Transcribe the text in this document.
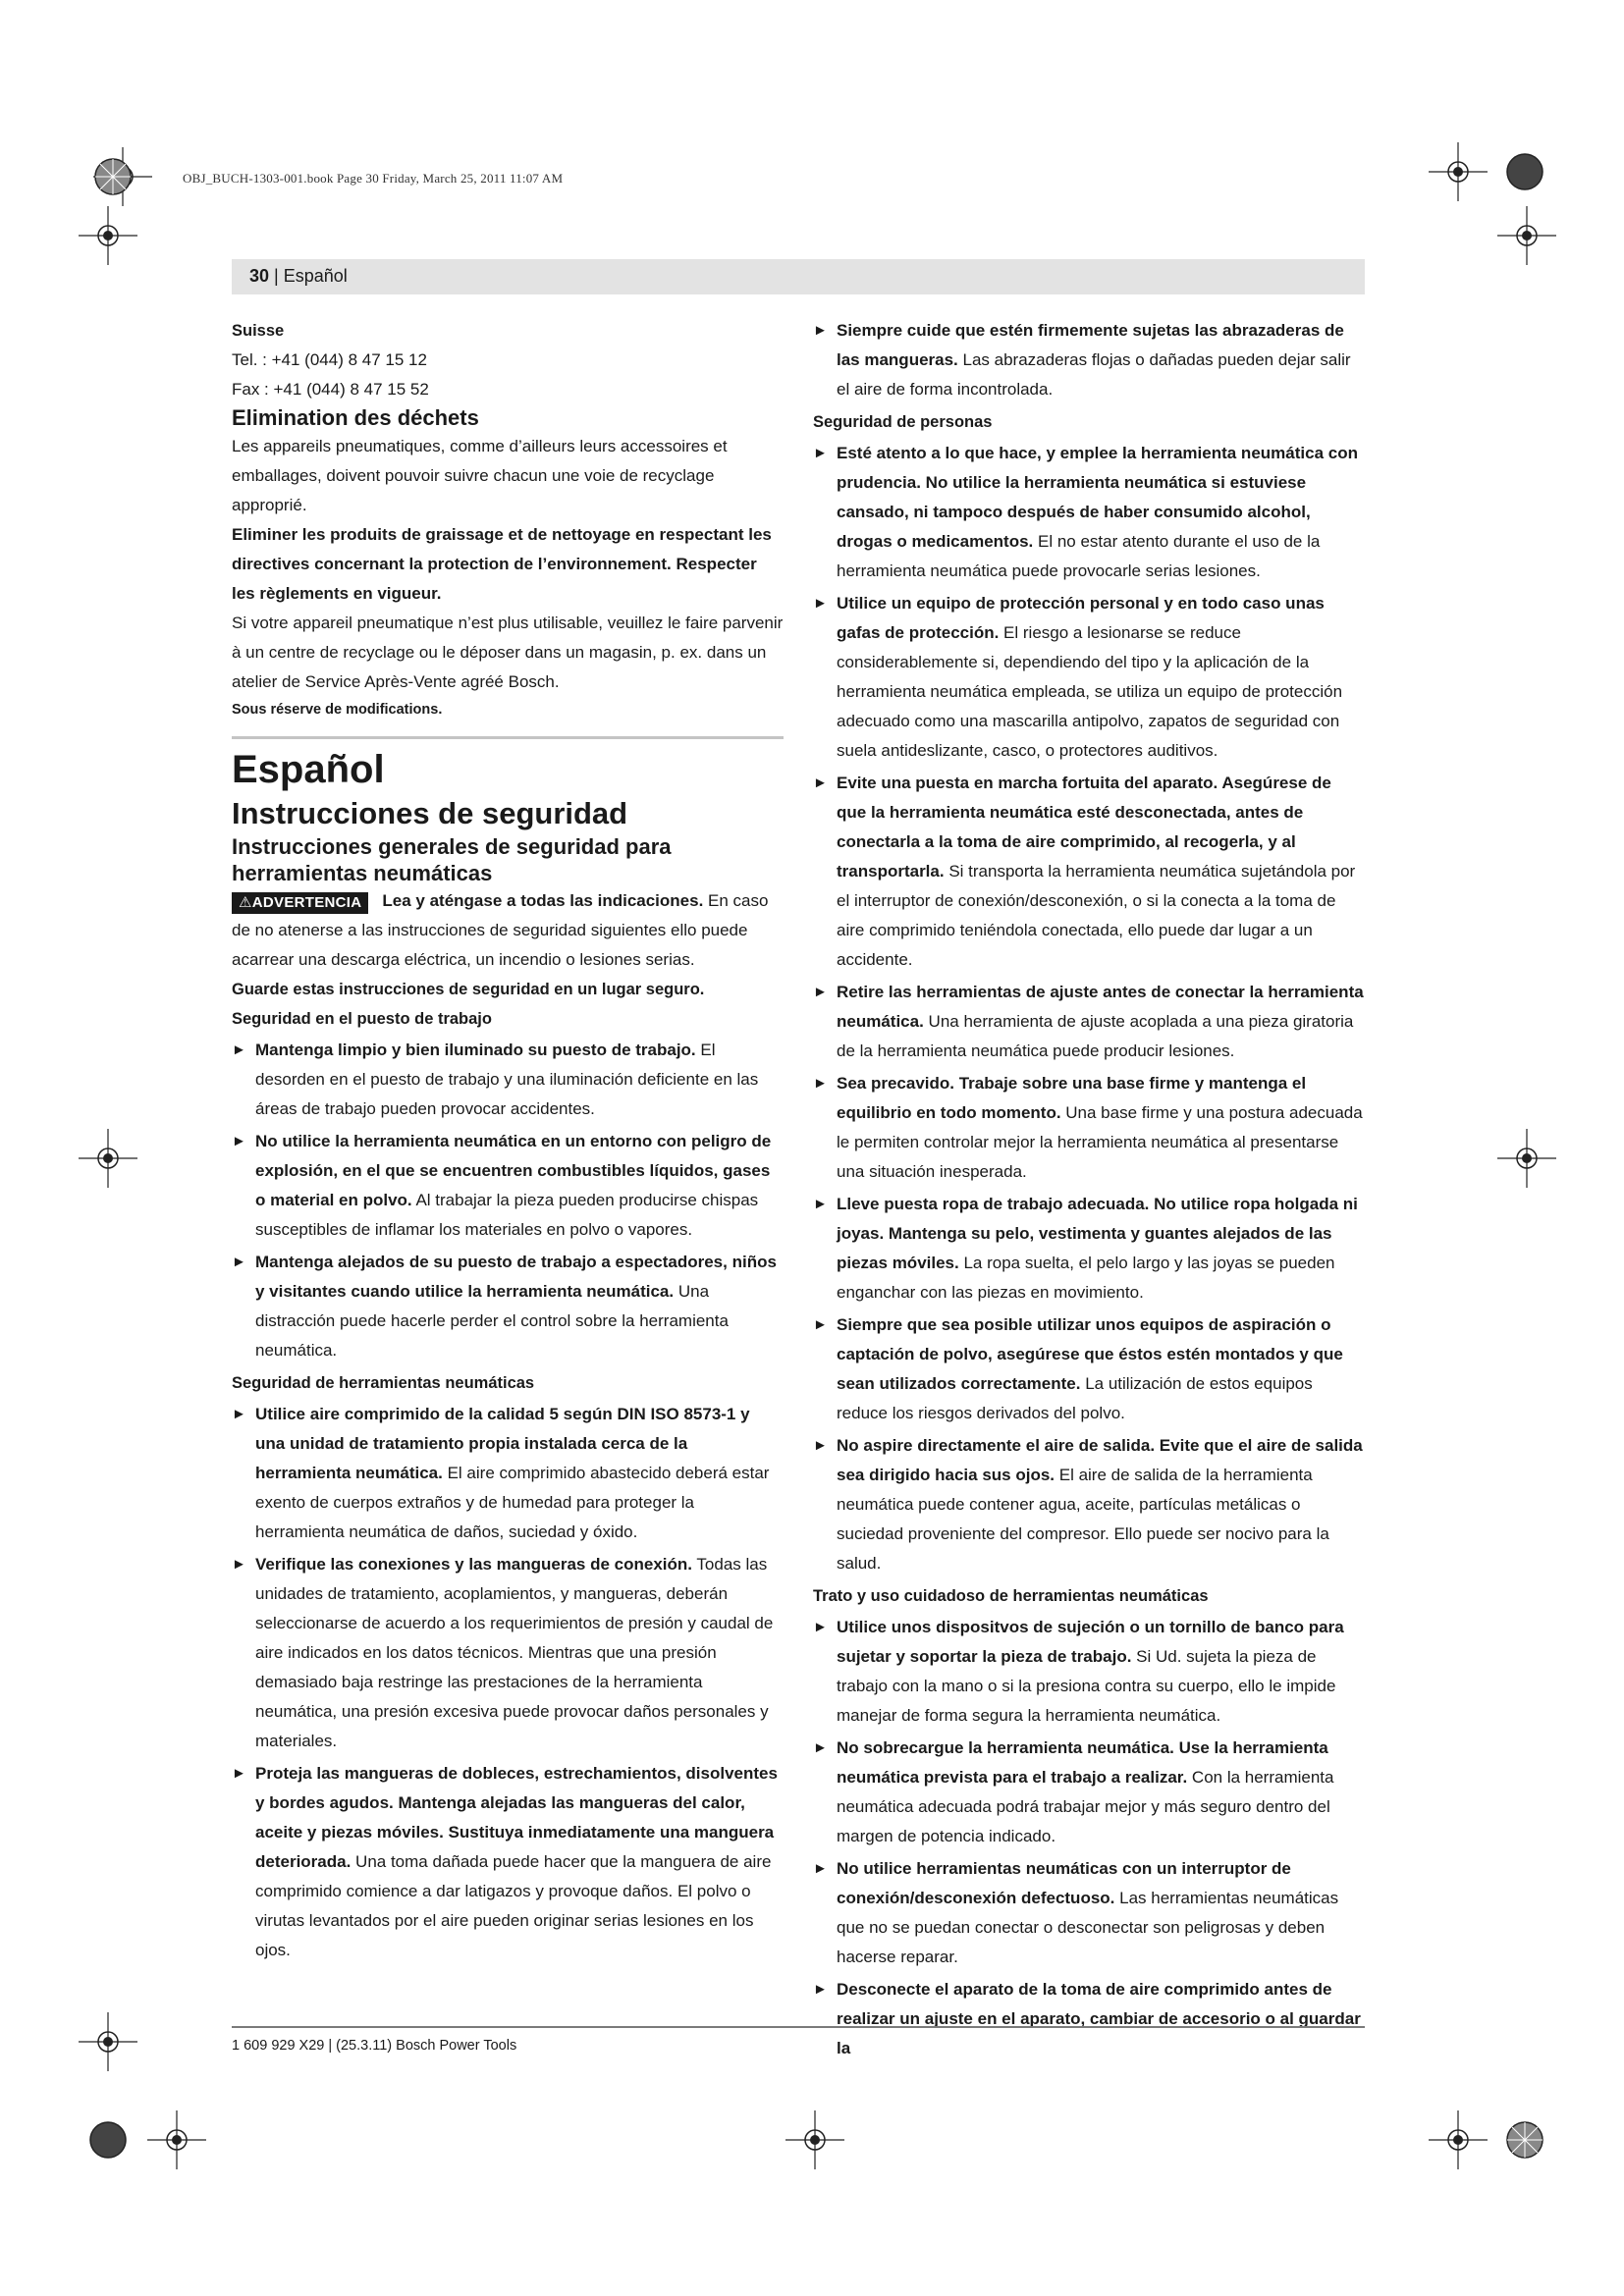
OBJ_BUCH-1303-001.book Page 30 Friday, March 25, 2011 11:07 AM
30 | Español

Suisse

Tel. : +41 (044) 8 47 15 12

Fax : +41 (044) 8 47 15 52

Elimination des déchets

Les appareils pneumatiques, comme d’ailleurs leurs accessoires et emballages, doivent pouvoir suivre chacun une voie de recyclage approprié.

Eliminer les produits de graissage et de nettoyage en respectant les directives concernant la protection de l’environnement. Respecter les règlements en vigueur.

Si votre appareil pneumatique n’est plus utilisable, veuillez le faire parvenir à un centre de recyclage ou le déposer dans un magasin, p. ex. dans un atelier de Service Après-Vente agréé Bosch.

Sous réserve de modifications.

Español

Instrucciones de seguridad

Instrucciones generales de seguridad para herramientas neumáticas

⚠ADVERTENCIA	Lea y aténgase a todas las indicaciones. En caso de no atenerse a las instrucciones de seguridad siguientes ello puede acarrear una descarga eléctrica, un incendio o lesiones serias.

Guarde estas instrucciones de seguridad en un lugar seguro.

Seguridad en el puesto de trabajo

► Mantenga limpio y bien iluminado su puesto de trabajo. El desorden en el puesto de trabajo y una iluminación deficiente en las áreas de trabajo pueden provocar accidentes.
► No utilice la herramienta neumática en un entorno con peligro de explosión, en el que se encuentren combustibles líquidos, gases o material en polvo. Al trabajar la pieza pueden producirse chispas susceptibles de inflamar los materiales en polvo o vapores.
► Mantenga alejados de su puesto de trabajo a espectadores, niños y visitantes cuando utilice la herramienta neumática. Una distracción puede hacerle perder el control sobre la herramienta neumática.

Seguridad de herramientas neumáticas

► Utilice aire comprimido de la calidad 5 según DIN ISO 8573-1 y una unidad de tratamiento propia instalada cerca de la herramienta neumática. El aire comprimido abastecido deberá estar exento de cuerpos extraños y de humedad para proteger la herramienta neumática de daños, suciedad y óxido.
► Verifique las conexiones y las mangueras de conexión. Todas las unidades de tratamiento, acoplamientos, y mangueras, deberán seleccionarse de acuerdo a los requerimientos de presión y caudal de aire indicados en los datos técnicos. Mientras que una presión demasiado baja restringe las prestaciones de la herramienta neumática, una presión excesiva puede provocar daños personales y materiales.
► Proteja las mangueras de dobleces, estrechamientos, disolventes y bordes agudos. Mantenga alejadas las mangueras del calor, aceite y piezas móviles. Sustituya inmediatamente una manguera deteriorada. Una toma dañada puede hacer que la manguera de aire comprimido comience a dar latigazos y provoque daños. El polvo o virutas levantados por el aire pueden originar serias lesiones en los ojos.
► Siempre cuide que estén firmemente sujetas las abrazaderas de las mangueras. Las abrazaderas flojas o dañadas pueden dejar salir el aire de forma incontrolada.

Seguridad de personas

► Esté atento a lo que hace, y emplee la herramienta neumática con prudencia. No utilice la herramienta neumática si estuviese cansado, ni tampoco después de haber consumido alcohol, drogas o medicamentos. El no estar atento durante el uso de la herramienta neumática puede provocarle serias lesiones.
► Utilice un equipo de protección personal y en todo caso unas gafas de protección. El riesgo a lesionarse se reduce considerablemente si, dependiendo del tipo y la aplicación de la herramienta neumática empleada, se utiliza un equipo de protección adecuado como una mascarilla antipolvo, zapatos de seguridad con suela antideslizante, casco, o protectores auditivos.
► Evite una puesta en marcha fortuita del aparato. Asegúrese de que la herramienta neumática esté desconectada, antes de conectarla a la toma de aire comprimido, al recogerla, y al transportarla. Si transporta la herramienta neumática sujetándola por el interruptor de conexión/desconexión, o si la conecta a la toma de aire comprimido teniéndola conectada, ello puede dar lugar a un accidente.
► Retire las herramientas de ajuste antes de conectar la herramienta neumática. Una herramienta de ajuste acoplada a una pieza giratoria de la herramienta neumática puede producir lesiones.
► Sea precavido. Trabaje sobre una base firme y mantenga el equilibrio en todo momento. Una base firme y una postura adecuada le permiten controlar mejor la herramienta neumática al presentarse una situación inesperada.
► Lleve puesta ropa de trabajo adecuada. No utilice ropa holgada ni joyas. Mantenga su pelo, vestimenta y guantes alejados de las piezas móviles. La ropa suelta, el pelo largo y las joyas se pueden enganchar con las piezas en movimiento.
► Siempre que sea posible utilizar unos equipos de aspiración o captación de polvo, asegúrese que éstos estén montados y que sean utilizados correctamente. La utilización de estos equipos reduce los riesgos derivados del polvo.
► No aspire directamente el aire de salida. Evite que el aire de salida sea dirigido hacia sus ojos. El aire de salida de la herramienta neumática puede contener agua, aceite, partículas metálicas o suciedad proveniente del compresor. Ello puede ser nocivo para la salud.

Trato y uso cuidadoso de herramientas neumáticas

► Utilice unos dispositvos de sujeción o un tornillo de banco para sujetar y soportar la pieza de trabajo. Si Ud. sujeta la pieza de trabajo con la mano o si la presiona contra su cuerpo, ello le impide manejar de forma segura la herramienta neumática.
► No sobrecargue la herramienta neumática. Use la herramienta neumática prevista para el trabajo a realizar. Con la herramienta neumática adecuada podrá trabajar mejor y más seguro dentro del margen de potencia indicado.
► No utilice herramientas neumáticas con un interruptor de conexión/desconexión defectuoso. Las herramientas neumáticas que no se puedan conectar o desconectar son peligrosas y deben hacerse reparar.
► Desconecte el aparato de la toma de aire comprimido antes de realizar un ajuste en el aparato, cambiar de accesorio o al guardar la
1 609 929 X29 | (25.3.11) Bosch Power Tools
